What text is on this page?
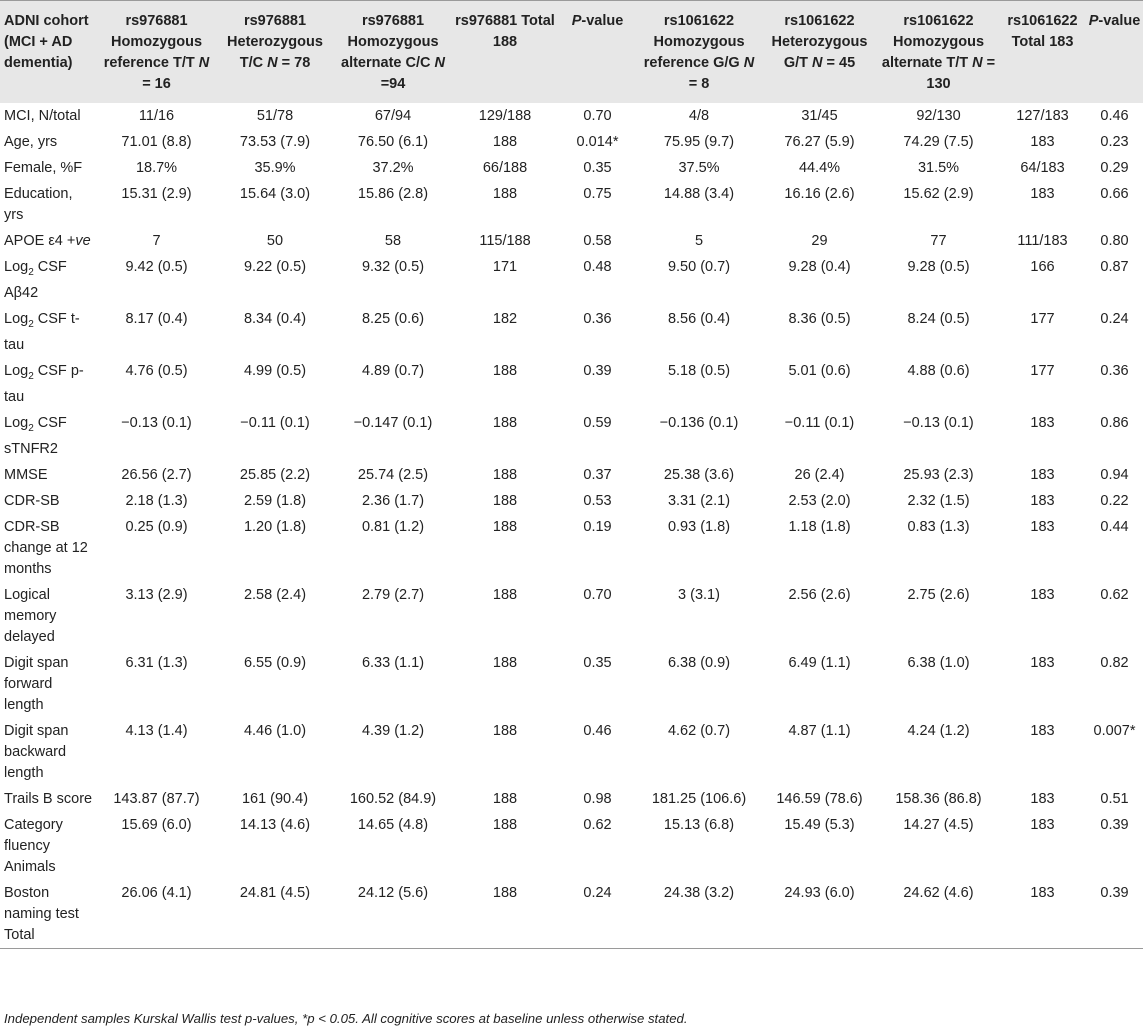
ADNI cohort (MCI + AD dementia)	rs976881 Homozygous reference T/T N = 16	rs976881 Heterozygous T/C N = 78	rs976881 Homozygous alternate C/C N =94	rs976881 Total 188	P-value	rs1061622 Homozygous reference G/G N = 8	rs1061622 Heterozygous G/T N = 45	rs1061622 Homozygous alternate T/T N = 130	rs1061622 Total 183	P-value
MCI, N/total	11/16	51/78	67/94	129/188	0.70	4/8	31/45	92/130	127/183	0.46
Age, yrs	71.01 (8.8)	73.53 (7.9)	76.50 (6.1)	188	0.014*	75.95 (9.7)	76.27 (5.9)	74.29 (7.5)	183	0.23
Female, %F	18.7%	35.9%	37.2%	66/188	0.35	37.5%	44.4%	31.5%	64/183	0.29
Education, yrs	15.31 (2.9)	15.64 (3.0)	15.86 (2.8)	188	0.75	14.88 (3.4)	16.16 (2.6)	15.62 (2.9)	183	0.66
APOE ε4 +ve	7	50	58	115/188	0.58	5	29	77	111/183	0.80
Log$_2$ CSF Aβ42	9.42 (0.5)	9.22 (0.5)	9.32 (0.5)	171	0.48	9.50 (0.7)	9.28 (0.4)	9.28 (0.5)	166	0.87
Log$_2$ CSF t-tau	8.17 (0.4)	8.34 (0.4)	8.25 (0.6)	182	0.36	8.56 (0.4)	8.36 (0.5)	8.24 (0.5)	177	0.24
Log$_2$ CSF p-tau	4.76 (0.5)	4.99 (0.5)	4.89 (0.7)	188	0.39	5.18 (0.5)	5.01 (0.6)	4.88 (0.6)	177	0.36
Log$_2$ CSF sTNFR2	−0.13 (0.1)	−0.11 (0.1)	−0.147 (0.1)	188	0.59	−0.136 (0.1)	−0.11 (0.1)	−0.13 (0.1)	183	0.86
MMSE	26.56 (2.7)	25.85 (2.2)	25.74 (2.5)	188	0.37	25.38 (3.6)	26 (2.4)	25.93 (2.3)	183	0.94
CDR-SB	2.18 (1.3)	2.59 (1.8)	2.36 (1.7)	188	0.53	3.31 (2.1)	2.53 (2.0)	2.32 (1.5)	183	0.22
CDR-SB change at 12 months	0.25 (0.9)	1.20 (1.8)	0.81 (1.2)	188	0.19	0.93 (1.8)	1.18 (1.8)	0.83 (1.3)	183	0.44
Logical memory delayed	3.13 (2.9)	2.58 (2.4)	2.79 (2.7)	188	0.70	3 (3.1)	2.56 (2.6)	2.75 (2.6)	183	0.62
Digit span forward length	6.31 (1.3)	6.55 (0.9)	6.33 (1.1)	188	0.35	6.38 (0.9)	6.49 (1.1)	6.38 (1.0)	183	0.82
Digit span backward length	4.13 (1.4)	4.46 (1.0)	4.39 (1.2)	188	0.46	4.62 (0.7)	4.87 (1.1)	4.24 (1.2)	183	0.007*
Trails B score	143.87 (87.7)	161 (90.4)	160.52 (84.9)	188	0.98	181.25 (106.6)	146.59 (78.6)	158.36 (86.8)	183	0.51
Category fluency Animals	15.69 (6.0)	14.13 (4.6)	14.65 (4.8)	188	0.62	15.13 (6.8)	15.49 (5.3)	14.27 (4.5)	183	0.39
Boston naming test Total	26.06 (4.1)	24.81 (4.5)	24.12 (5.6)	188	0.24	24.38 (3.2)	24.93 (6.0)	24.62 (4.6)	183	0.39
Independent samples Kurskal Wallis test p-values, *p < 0.05. All cognitive scores at baseline unless otherwise stated.
